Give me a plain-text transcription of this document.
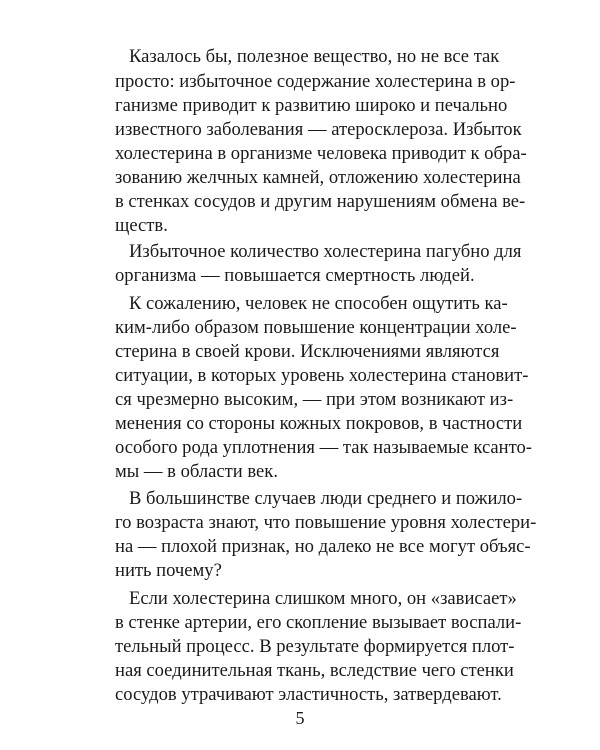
Казалось бы, полезное вещество, но не все так
просто: избыточное содержание холестерина в ор-
ганизме приводит к развитию широко и печально
известного заболевания — атеросклероза. Избыток
холестерина в организме человека приводит к обра-
зованию желчных камней, отложению холестерина
в стенках сосудов и другим нарушениям обмена ве-
ществ.
Избыточное количество холестерина пагубно для
организма — повышается смертность людей.
К сожалению, человек не способен ощутить ка-
ким-либо образом повышение концентрации холе-
стерина в своей крови. Исключениями являются
ситуации, в которых уровень холестерина становит-
ся чрезмерно высоким, — при этом возникают из-
менения со стороны кожных покровов, в частности
особого рода уплотнения — так называемые ксанто-
мы — в области век.
В большинстве случаев люди среднего и пожило-
го возраста знают, что повышение уровня холестери-
на — плохой признак, но далеко не все могут объяс-
нить почему?
Если холестерина слишком много, он «зависает»
в стенке артерии, его скопление вызывает воспали-
тельный процесс. В результате формируется плот-
ная соединительная ткань, вследствие чего стенки
сосудов утрачивают эластичность, затвердевают.
5
